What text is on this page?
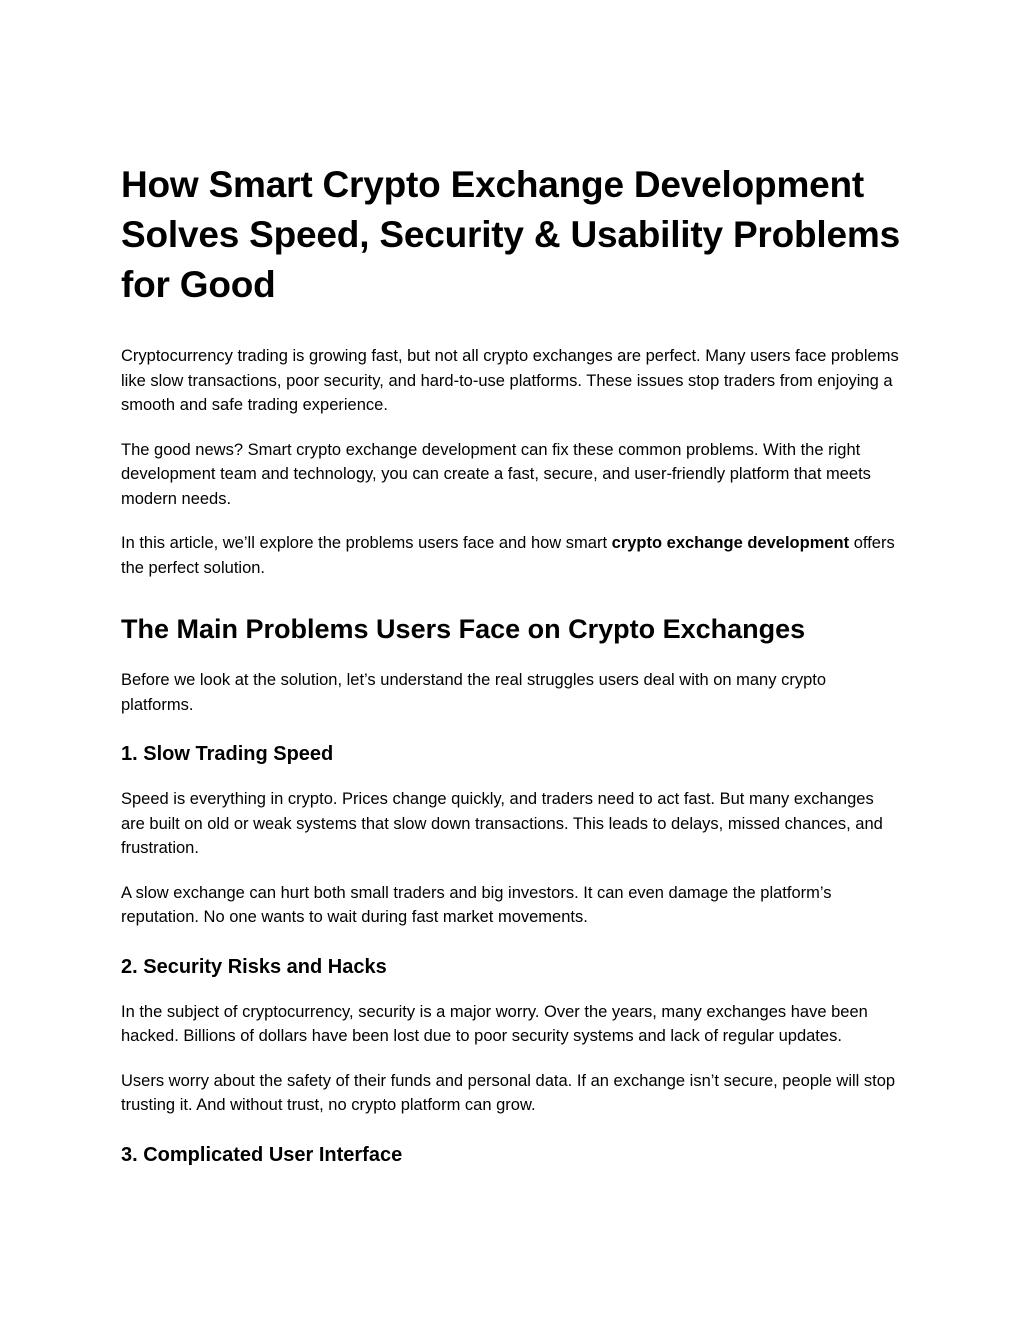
How Smart Crypto Exchange Development Solves Speed, Security & Usability Problems for Good

Cryptocurrency trading is growing fast, but not all crypto exchanges are perfect. Many users face problems like slow transactions, poor security, and hard-to-use platforms. These issues stop traders from enjoying a smooth and safe trading experience.

The good news? Smart crypto exchange development can fix these common problems. With the right development team and technology, you can create a fast, secure, and user-friendly platform that meets modern needs.

In this article, we’ll explore the problems users face and how smart crypto exchange development offers the perfect solution.

The Main Problems Users Face on Crypto Exchanges

Before we look at the solution, let’s understand the real struggles users deal with on many crypto platforms.

1. Slow Trading Speed

Speed is everything in crypto. Prices change quickly, and traders need to act fast. But many exchanges are built on old or weak systems that slow down transactions. This leads to delays, missed chances, and frustration.

A slow exchange can hurt both small traders and big investors. It can even damage the platform’s reputation. No one wants to wait during fast market movements.

2. Security Risks and Hacks

In the subject of cryptocurrency, security is a major worry. Over the years, many exchanges have been hacked. Billions of dollars have been lost due to poor security systems and lack of regular updates.

Users worry about the safety of their funds and personal data. If an exchange isn’t secure, people will stop trusting it. And without trust, no crypto platform can grow.

3. Complicated User Interface
